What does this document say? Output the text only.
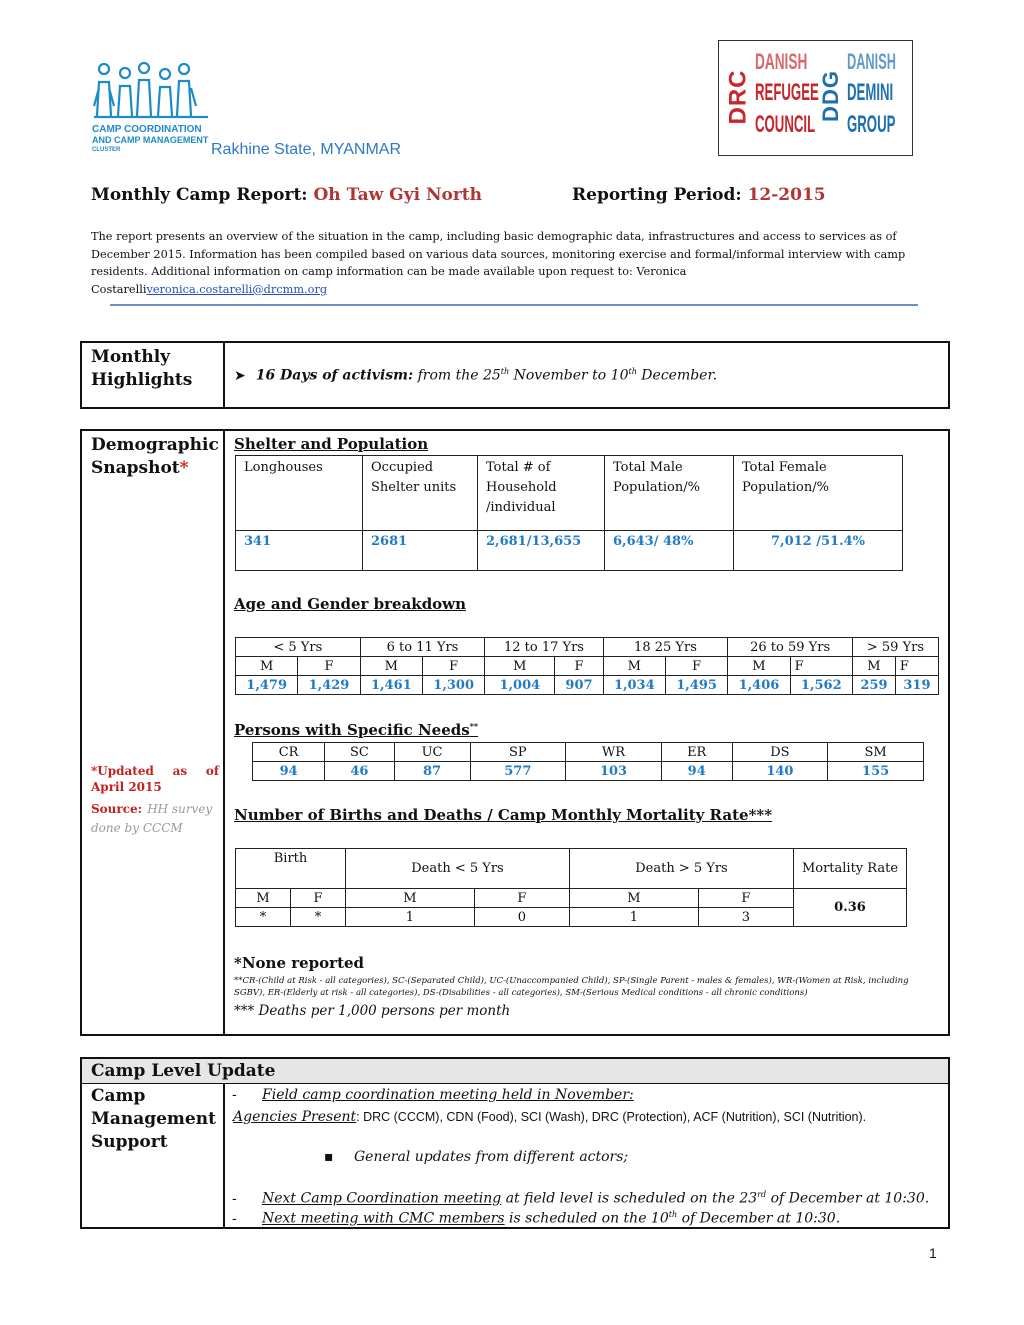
CAMP COORDINATION
AND CAMP MANAGEMENT
CLUSTER	Rakhine State, MYANMAR
DRC
DANISH
REFUGEE
COUNCIL
DDG
DANISH
DEMINI
GROUP
Monthly Camp Report: Oh Taw Gyi North	Reporting Period: 12-2015
The report presents an overview of the situation in the camp, including basic demographic data, infrastructures and access to services as of December 2015. Information has been compiled based on various data sources, monitoring exercise and formal/informal interview with camp residents. Additional information on camp information can be made available upon request to: Veronica Costarelliveronica.costarelli@drcmm.org
Monthly
Highlights	➤ 16 Days of activism: from the 25th November to 10th December.
Demographic
Snapshot*
*Updated as of April 2015
Source: HH survey done by CCCM
Shelter and Population
Longhouses	Occupied Shelter units	Total # of Household /individual	Total Male Population/%	Total Female Population/%
341	2681	2,681/13,655	6,643/ 48%	7,012 /51.4%
Age and Gender breakdown
< 5 Yrs		6 to 11 Yrs		12 to 17 Yrs		18 25 Yrs		26 to 59 Yrs		> 59 Yrs	
M	F	M	F	M	F	M	F	M	F	M	F
1,479	1,429	1,461	1,300	1,004	907	1,034	1,495	1,406	1,562	259	319
Persons with Specific Needs**
CR	SC	UC	SP	WR	ER	DS	SM
94	46	87	577	103	94	140	155
Number of Births and Deaths / Camp Monthly Mortality Rate***
Birth		Death < 5 Yrs		Death > 5 Yrs		Mortality Rate
M	F	M	F	M	F	0.36
*	*	1	0	1	3	
*None reported
**CR-(Child at Risk - all categories), SC-(Separated Child), UC-(Unaccompanied Child), SP-(Single Parent - males & females), WR-(Women at Risk, including SGBV), ER-(Elderly at risk - all categories), DS-(Disabilities - all categories), SM-(Serious Medical conditions - all chronic conditions)
*** Deaths per 1,000 persons per month
Camp Level Update
Camp
Management
Support
- Field camp coordination meeting held in November:
Agencies Present: DRC (CCCM), CDN (Food), SCI (Wash), DRC (Protection), ACF (Nutrition), SCI (Nutrition).
▪ General updates from different actors;
- Next Camp Coordination meeting at field level is scheduled on the 23rd of December at 10:30.
- Next meeting with CMC members is scheduled on the 10th of December at 10:30.
1
